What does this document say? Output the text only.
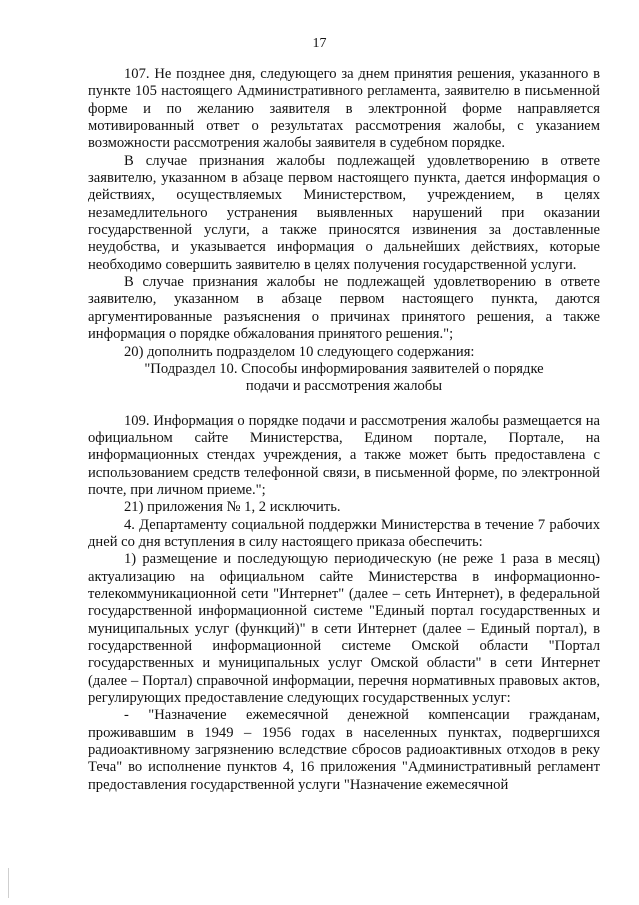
17

107. Не позднее дня, следующего за днем принятия решения, указанного в пункте 105 настоящего Административного регламента, заявителю в письменной форме и по желанию заявителя в электронной форме направляется мотивированный ответ о результатах рассмотрения жалобы, с указанием возможности рассмотрения жалобы заявителя в судебном порядке.

В случае признания жалобы подлежащей удовлетворению в ответе заявителю, указанном в абзаце первом настоящего пункта, дается информация о действиях, осуществляемых Министерством, учреждением, в целях незамедлительного устранения выявленных нарушений при оказании государственной услуги, а также приносятся извинения за доставленные неудобства, и указывается информация о дальнейших действиях, которые необходимо совершить заявителю в целях получения государственной услуги.

В случае признания жалобы не подлежащей удовлетворению в ответе заявителю, указанном в абзаце первом настоящего пункта, даются аргументированные разъяснения о причинах принятого решения, а также информация о порядке обжалования принятого решения.";

20) дополнить подразделом 10 следующего содержания:

"Подраздел 10. Способы информирования заявителей о порядке

подачи и рассмотрения жалобы

109. Информация о порядке подачи и рассмотрения жалобы размещается на официальном сайте Министерства, Едином портале, Портале, на информационных стендах учреждения, а также может быть предоставлена с использованием средств телефонной связи, в письменной форме, по электронной почте, при личном приеме.";

21) приложения № 1, 2 исключить.

4. Департаменту социальной поддержки Министерства в течение 7 рабочих дней со дня вступления в силу настоящего приказа обеспечить:

1) размещение и последующую периодическую (не реже 1 раза в месяц) актуализацию на официальном сайте Министерства в информационно-телекоммуникационной сети "Интернет" (далее – сеть Интернет), в федеральной государственной информационной системе "Единый портал государственных и муниципальных услуг (функций)" в сети Интернет (далее – Единый портал), в государственной информационной системе Омской области "Портал государственных и муниципальных услуг Омской области" в сети Интернет (далее – Портал) справочной информации, перечня нормативных правовых актов, регулирующих предоставление следующих государственных услуг:

- "Назначение ежемесячной денежной компенсации гражданам, проживавшим в 1949 – 1956 годах в населенных пунктах, подвергшихся радиоактивному загрязнению вследствие сбросов радиоактивных отходов в реку Теча" во исполнение пунктов 4, 16 приложения "Административный регламент предоставления государственной услуги "Назначение ежемесячной
